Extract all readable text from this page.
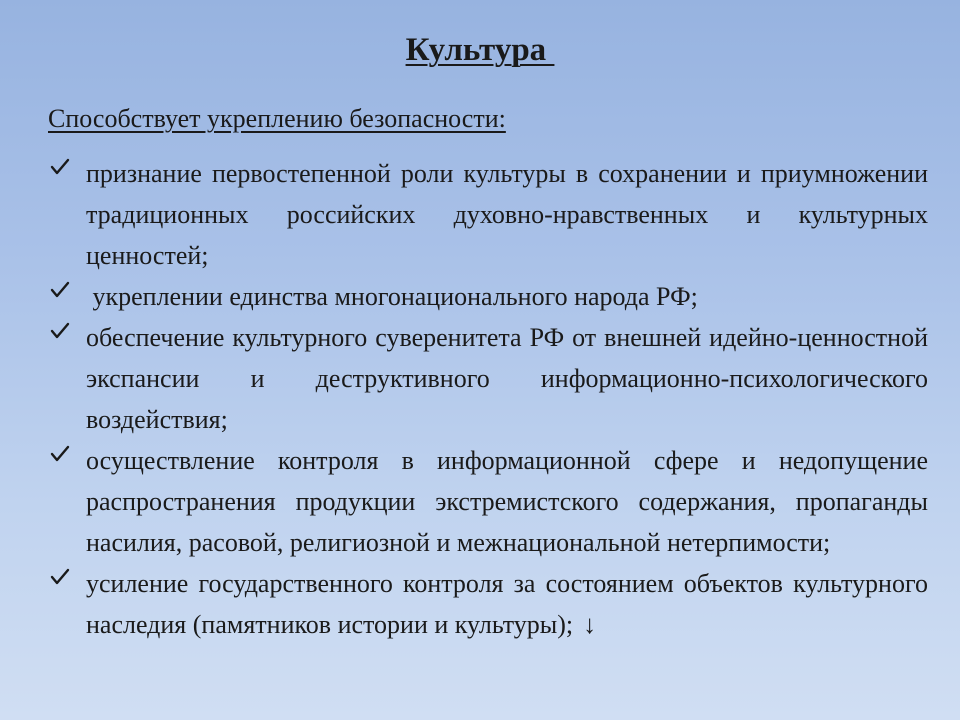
Культура
Способствует укреплению безопасности:
признание первостепенной роли культуры в сохранении и приумножении традиционных российских духовно-нравственных и культурных ценностей;
укреплении единства многонационального народа РФ;
обеспечение культурного суверенитета РФ от внешней идейно-ценностной экспансии и деструктивного информационно-психологического воздействия;
осуществление контроля в информационной сфере и недопущение распространения продукции экстремистского содержания, пропаганды насилия, расовой, религиозной и межнациональной нетерпимости;
усиление государственного контроля за состоянием объектов культурного наследия (памятников истории и культуры); ↓
